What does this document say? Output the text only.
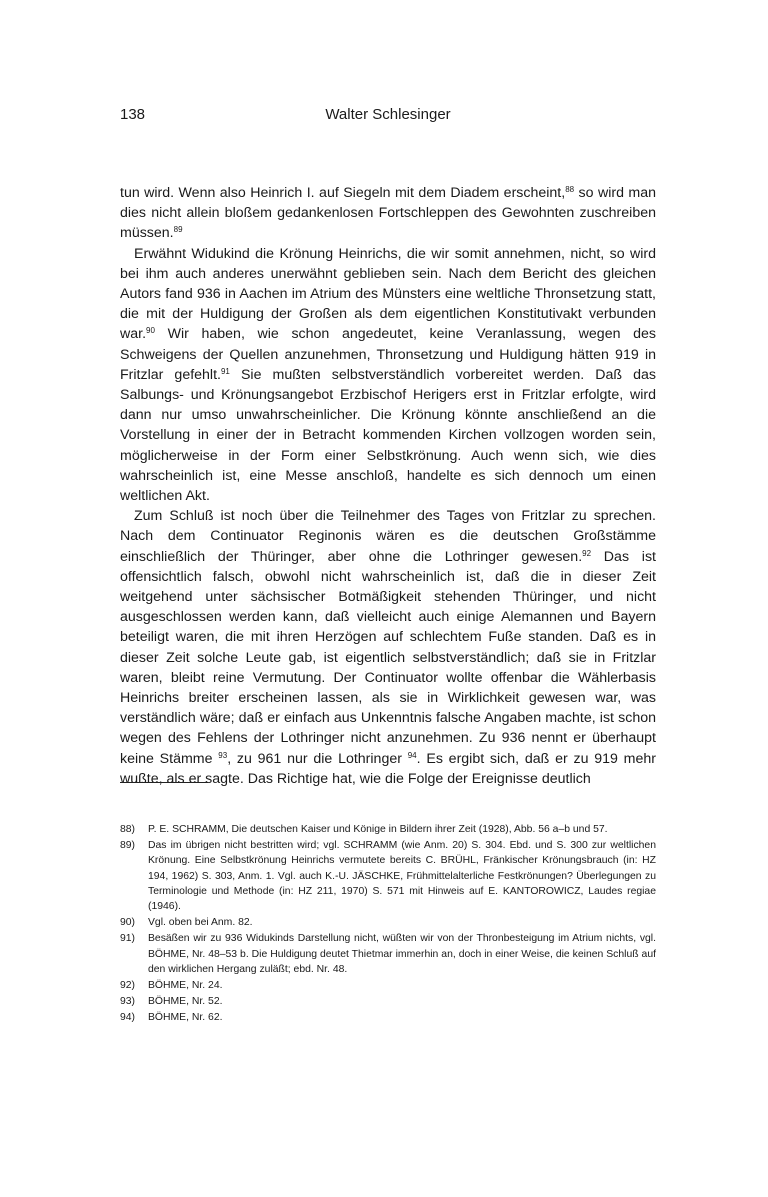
138	Walter Schlesinger

tun wird. Wenn also Heinrich I. auf Siegeln mit dem Diadem erscheint,$^{88}$ so wird man dies nicht allein bloßem gedankenlosen Fortschleppen des Gewohnten zuschreiben müssen.$^{89}$

Erwähnt Widukind die Krönung Heinrichs, die wir somit annehmen, nicht, so wird bei ihm auch anderes unerwähnt geblieben sein. Nach dem Bericht des gleichen Autors fand 936 in Aachen im Atrium des Münsters eine weltliche Thronsetzung statt, die mit der Huldigung der Großen als dem eigentlichen Konstitutivakt verbunden war.$^{90}$ Wir haben, wie schon angedeutet, keine Veranlassung, wegen des Schweigens der Quellen anzunehmen, Thronsetzung und Huldigung hätten 919 in Fritzlar gefehlt.$^{91}$ Sie mußten selbstverständlich vorbereitet werden. Daß das Salbungs- und Krönungsangebot Erzbischof Herigers erst in Fritzlar erfolgte, wird dann nur umso unwahrscheinlicher. Die Krönung könnte anschließend an die Vorstellung in einer der in Betracht kommenden Kirchen vollzogen worden sein, möglicherweise in der Form einer Selbstkrönung. Auch wenn sich, wie dies wahrscheinlich ist, eine Messe anschloß, handelte es sich dennoch um einen weltlichen Akt.

Zum Schluß ist noch über die Teilnehmer des Tages von Fritzlar zu sprechen. Nach dem Continuator Reginonis wären es die deutschen Großstämme einschließlich der Thüringer, aber ohne die Lothringer gewesen.$^{92}$ Das ist offensichtlich falsch, obwohl nicht wahrscheinlich ist, daß die in dieser Zeit weitgehend unter sächsischer Botmäßigkeit stehenden Thüringer, und nicht ausgeschlossen werden kann, daß vielleicht auch einige Alemannen und Bayern beteiligt waren, die mit ihren Herzögen auf schlechtem Fuße standen. Daß es in dieser Zeit solche Leute gab, ist eigentlich selbstverständlich; daß sie in Fritzlar waren, bleibt reine Vermutung. Der Continuator wollte offenbar die Wählerbasis Heinrichs breiter erscheinen lassen, als sie in Wirklichkeit gewesen war, was verständlich wäre; daß er einfach aus Unkenntnis falsche Angaben machte, ist schon wegen des Fehlens der Lothringer nicht anzunehmen. Zu 936 nennt er überhaupt keine Stämme $^{93}$, zu 961 nur die Lothringer $^{94}$. Es ergibt sich, daß er zu 919 mehr wußte, als er sagte. Das Richtige hat, wie die Folge der Ereignisse deutlich

88) P. E. SCHRAMM, Die deutschen Kaiser und Könige in Bildern ihrer Zeit (1928), Abb. 56 a–b und 57.
89) Das im übrigen nicht bestritten wird; vgl. SCHRAMM (wie Anm. 20) S. 304. Ebd. und S. 300 zur weltlichen Krönung. Eine Selbstkrönung Heinrichs vermutete bereits C. BRÜHL, Fränkischer Krönungsbrauch (in: HZ 194, 1962) S. 303, Anm. 1. Vgl. auch K.-U. JÄSCHKE, Frühmittelalterliche Festkrönungen? Überlegungen zu Terminologie und Methode (in: HZ 211, 1970) S. 571 mit Hinweis auf E. KANTOROWICZ, Laudes regiae (1946).
90) Vgl. oben bei Anm. 82.
91) Besäßen wir zu 936 Widukinds Darstellung nicht, wüßten wir von der Thronbesteigung im Atrium nichts, vgl. BÖHME, Nr. 48–53 b. Die Huldigung deutet Thietmar immerhin an, doch in einer Weise, die keinen Schluß auf den wirklichen Hergang zuläßt; ebd. Nr. 48.
92) BÖHME, Nr. 24.
93) BÖHME, Nr. 52.
94) BÖHME, Nr. 62.
